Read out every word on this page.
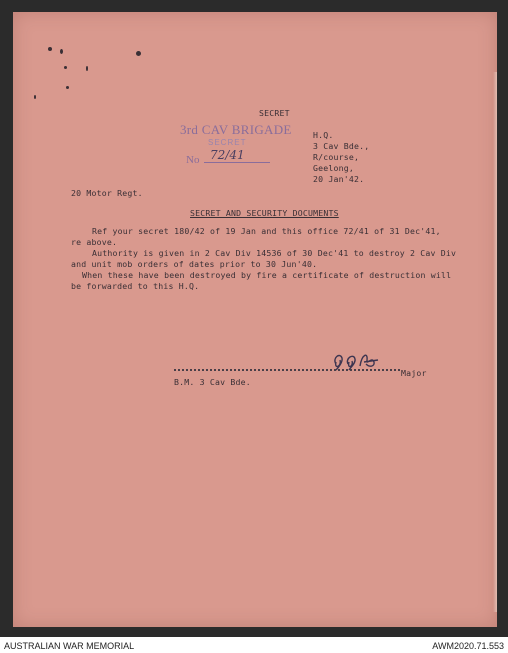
SECRET
3rd CAV BRIGADE
SECRET
No 72/41
H.Q.
3 Cav Bde.,
R/course,
Geelong,
20 Jan'42.
20 Motor Regt.
SECRET AND SECURITY DOCUMENTS
Ref your secret 180/42 of 19 Jan and this office 72/41 of 31 Dec'41,
re above.
Authority is given in 2 Cav Div 14536 of 30 Dec'41 to destroy 2 Cav Div
and unit mob orders of dates prior to 30 Jun'40.
When these have been destroyed by fire a certificate of destruction will
be forwarded to this H.Q.
Major
B.M. 3 Cav Bde.
AUSTRALIAN WAR MEMORIAL	AWM2020.71.553
